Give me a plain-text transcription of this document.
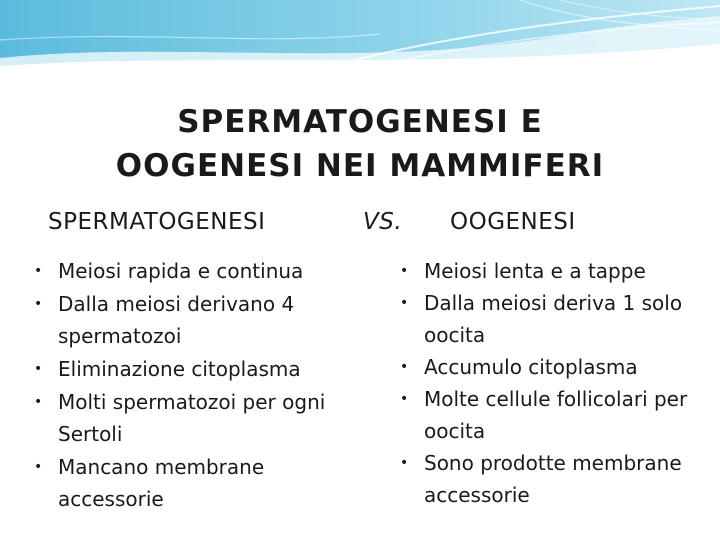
SPERMATOGENESI E
OOGENESI NEI MAMMIFERI
SPERMATOGENESI	VS. OOGENESI
• Meiosi rapida e continua
• Dalla meiosi derivano 4 spermatozoi
• Eliminazione citoplasma
• Molti spermatozoi per ogni Sertoli
• Mancano membrane accessorie
• Meiosi lenta e a tappe
• Dalla meiosi deriva 1 solo oocita
• Accumulo citoplasma
• Molte cellule follicolari per oocita
• Sono prodotte membrane accessorie
